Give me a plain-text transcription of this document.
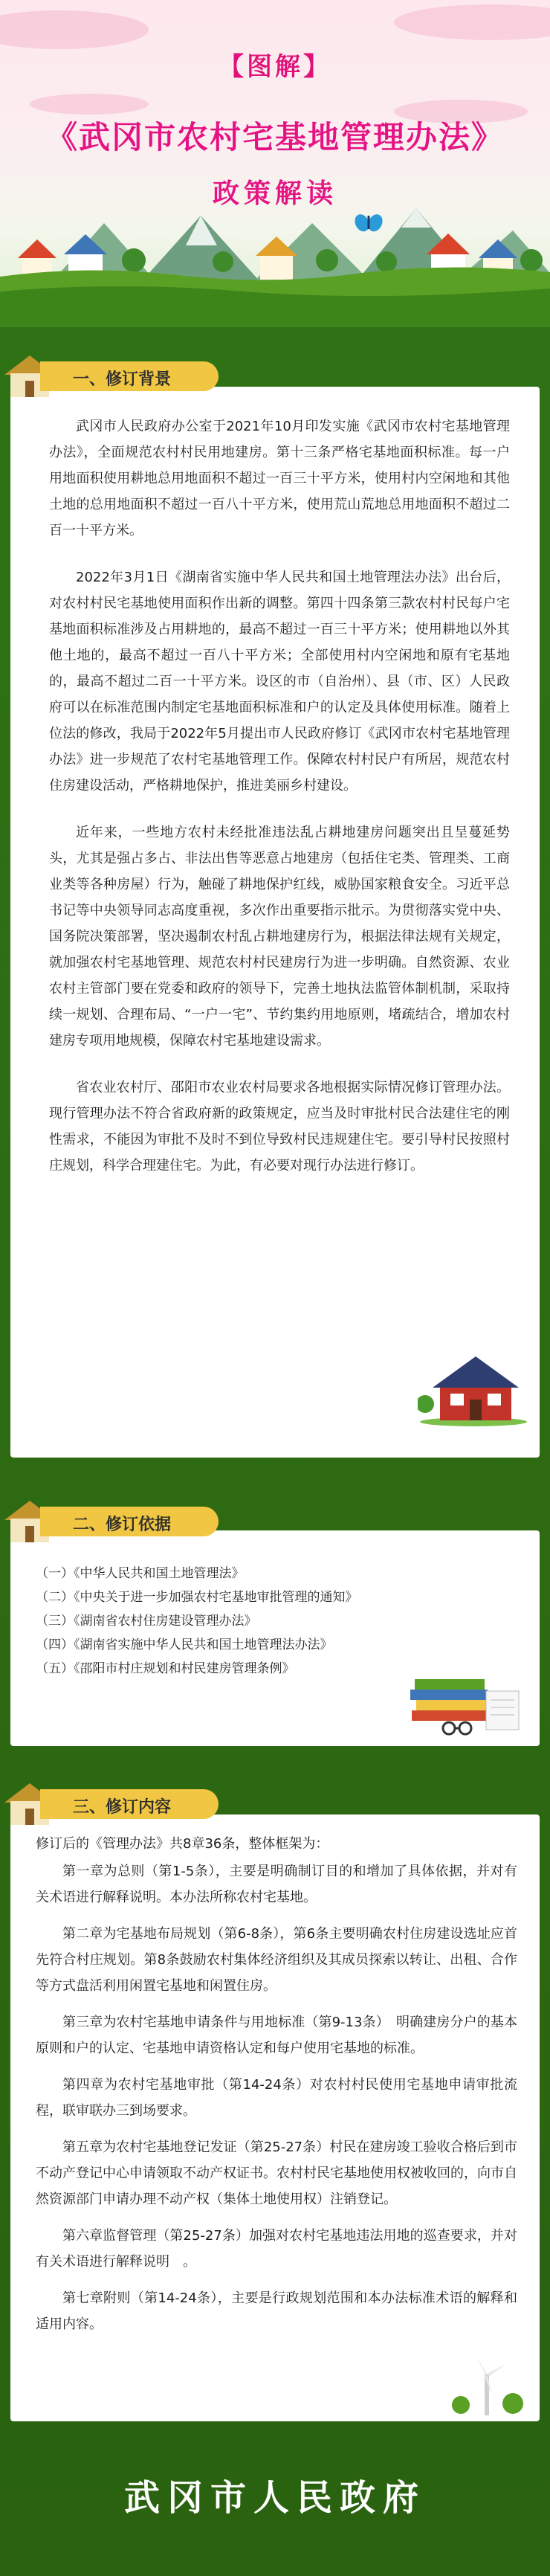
【图解】
《武冈市农村宅基地管理办法》
政策解读

武冈市人民政府办公室于2021年10月印发实施《武冈市农村宅基地管理办法》，全面规范农村村民用地建房。第十三条严格宅基地面积标准。每一户用地面积使用耕地总用地面积不超过一百三十平方米，使用村内空闲地和其他土地的总用地面积不超过一百八十平方米，使用荒山荒地总用地面积不超过二百一十平方米。

2022年3月1日《湖南省实施中华人民共和国土地管理法办法》出台后，对农村村民宅基地使用面积作出新的调整。第四十四条第三款农村村民每户宅基地面积标准涉及占用耕地的，最高不超过一百三十平方米；使用耕地以外其他土地的，最高不超过一百八十平方米；全部使用村内空闲地和原有宅基地的，最高不超过二百一十平方米。设区的市（自治州）、县（市、区）人民政府可以在标准范围内制定宅基地面积标准和户的认定及具体使用标准。随着上位法的修改，我局于2022年5月提出市人民政府修订《武冈市农村宅基地管理办法》进一步规范了农村宅基地管理工作。保障农村村民户有所居，规范农村住房建设活动，严格耕地保护，推进美丽乡村建设。

近年来，一些地方农村未经批准违法乱占耕地建房问题突出且呈蔓延势头，尤其是强占多占、非法出售等恶意占地建房（包括住宅类、管理类、工商业类等各种房屋）行为，触碰了耕地保护红线，威胁国家粮食安全。习近平总书记等中央领导同志高度重视，多次作出重要指示批示。为贯彻落实党中央、国务院决策部署，坚决遏制农村乱占耕地建房行为，根据法律法规有关规定，就加强农村宅基地管理、规范农村村民建房行为进一步明确。自然资源、农业农村主管部门要在党委和政府的领导下，完善土地执法监管体制机制，采取持续一规划、合理布局、“一户一宅”、节约集约用地原则，堵疏结合，增加农村建房专项用地规模，保障农村宅基地建设需求。

省农业农村厅、邵阳市农业农村局要求各地根据实际情况修订管理办法。现行管理办法不符合省政府新的政策规定，应当及时审批村民合法建住宅的刚性需求，不能因为审批不及时不到位导致村民违规建住宅。要引导村民按照村庄规划，科学合理建住宅。为此，有必要对现行办法进行修订。

一、修订背景
（一）《中华人民共和国土地管理法》
（二）《中央关于进一步加强农村宅基地审批管理的通知》
（三）《湖南省农村住房建设管理办法》
（四）《湖南省实施中华人民共和国土地管理法办法》
（五）《邵阳市村庄规划和村民建房管理条例》
二、修订依据

修订后的《管理办法》共8章36条，整体框架为：

第一章为总则（第1-5条），主要是明确制订目的和增加了具体依据，并对有关术语进行解释说明。本办法所称农村宅基地。

第二章为宅基地布局规划（第6-8条），第6条主要明确农村住房建设选址应首先符合村庄规划。第8条鼓励农村集体经济组织及其成员探索以转让、出租、合作等方式盘活利用闲置宅基地和闲置住房。

第三章为农村宅基地申请条件与用地标准（第9-13条）　明确建房分户的基本原则和户的认定、宅基地申请资格认定和每户使用宅基地的标准。

第四章为农村宅基地审批（第14-24条）对农村村民使用宅基地申请审批流程，联审联办三到场要求。

第五章为农村宅基地登记发证（第25-27条）村民在建房竣工验收合格后到市不动产登记中心申请领取不动产权证书。农村村民宅基地使用权被收回的，向市自然资源部门申请办理不动产权（集体土地使用权）注销登记。

第六章监督管理（第25-27条）加强对农村宅基地违法用地的巡查要求，并对有关术语进行解释说明　。

第七章附则（第14-24条），主要是行政规划范围和本办法标准术语的解释和适用内容。

三、修订内容
武冈市人民政府
